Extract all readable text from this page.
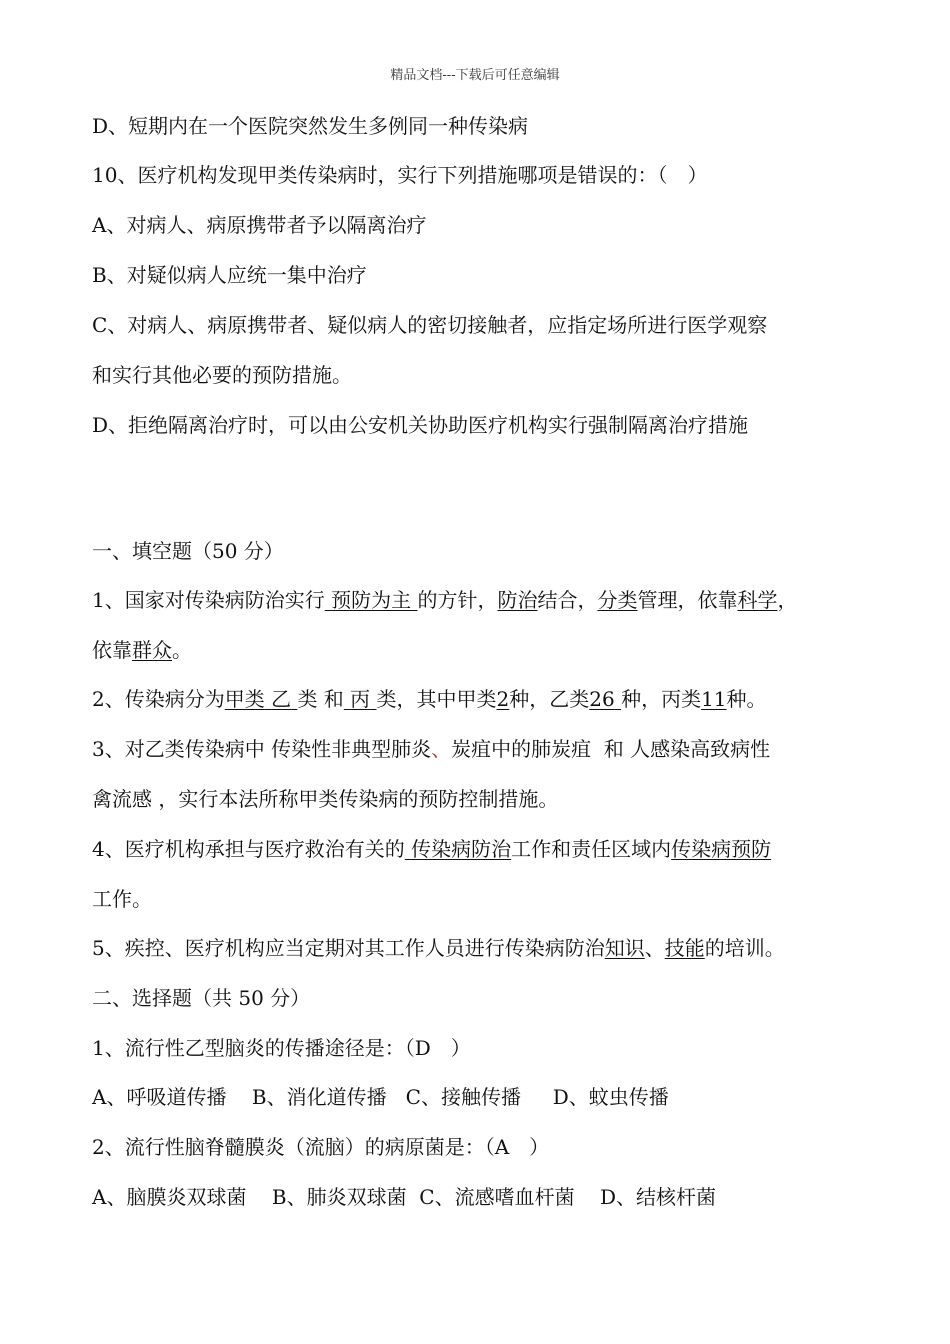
精品文档---下载后可任意编辑
D、短期内在一个医院突然发生多例同一种传染病
10、医疗机构发现甲类传染病时，实行下列措施哪项是错误的：（　）
A、对病人、病原携带者予以隔离治疗
B、对疑似病人应统一集中治疗
C、对病人、病原携带者、疑似病人的密切接触者，应指定场所进行医学观察
和实行其他必要的预防措施。
D、拒绝隔离治疗时，可以由公安机关协助医疗机构实行强制隔离治疗措施
一、填空题（50 分）
1、国家对传染病防治实行 预防为主 的方针，防治结合，分类管理，依靠科学，
依靠群众。
2、传染病分为甲类 乙 类 和 丙 类，其中甲类2种，乙类26 种，丙类11种。
3、对乙类传染病中 传染性非典型肺炎、炭疽中的肺炭疽  和 人感染高致病性
禽流感 ，实行本法所称甲类传染病的预防控制措施。
4、医疗机构承担与医疗救治有关的 传染病防治工作和责任区域内传染病预防
工作。
5、疾控、医疗机构应当定期对其工作人员进行传染病防治知识、技能的培训。
二、选择题（共 50 分）
1、流行性乙型脑炎的传播途径是：（D　）
A、呼吸道传播    B、消化道传播   C、接触传播     D、蚊虫传播
2、流行性脑脊髓膜炎（流脑）的病原菌是：（A　）
A、脑膜炎双球菌    B、肺炎双球菌  C、流感嗜血杆菌    D、结核杆菌
